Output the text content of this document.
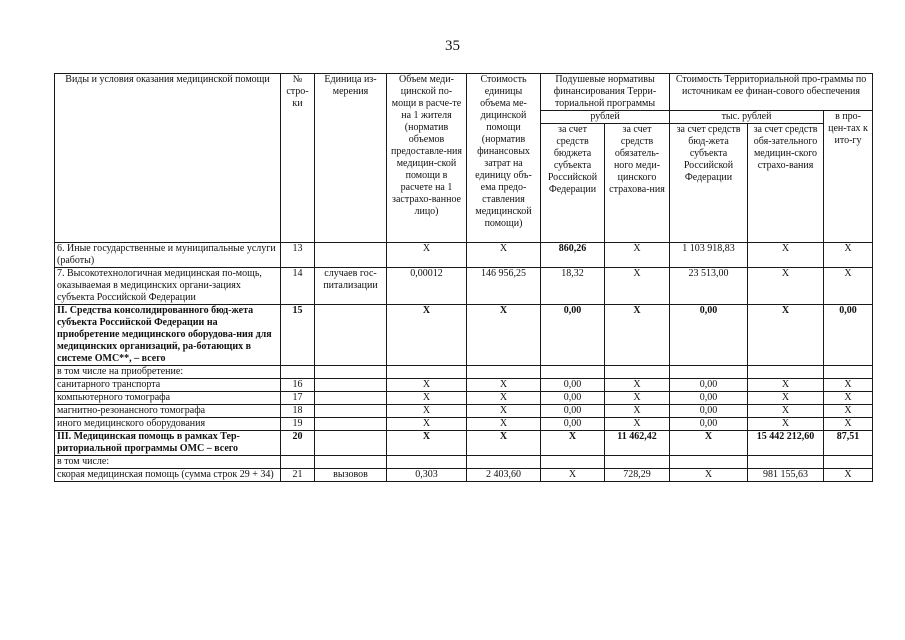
35
Виды и условия оказания медицинской помощи	№ стро-ки	Единица из-мерения	Объем меди-цинской по-мощи в расче-те на 1 жителя (норматив объемов предоставле-ния медицин-ской помощи в расчете на 1 застрахо-ванное лицо)	Стоимость единицы объема ме-дицинской помощи (норматив финансовых затрат на единицу объ-ема предо-ставления медицинской помощи)	Подушевые нормативы финансирования Терри-ториальной программы		Стоимость Территориальной про-граммы по источникам ее финан-сового обеспечения		
					рублей		тыс. рублей		в про-цен-тах к ито-гу
					за счет средств бюджета субъекта Российской Федерации	за счет средств обязатель-ного меди-цинского страхова-ния	за счет средств бюд-жета субъекта Российской Федерации	за счет средств обя-зательного медицин-ского страхо-вания	
6. Иные государственные и муниципальные услуги (работы)	13		X	X	860,26	X	1 103 918,83	X	X
7. Высокотехнологичная медицинская по-мощь, оказываемая в медицинских органи-зациях субъекта Российской Федерации	14	случаев гос-питализации	0,00012	146 956,25	18,32	X	23 513,00	X	X
II. Средства консолидированного бюд-жета субъекта Российской Федерации на приобретение медицинского оборудова-ния для медицинских организаций, ра-ботающих в системе ОМС**, – всего	15		X	X	0,00	X	0,00	X	0,00
в том числе на приобретение:									
санитарного транспорта	16		X	X	0,00	X	0,00	X	X
компьютерного томографа	17		X	X	0,00	X	0,00	X	X
магнитно-резонансного томографа	18		X	X	0,00	X	0,00	X	X
иного медицинского оборудования	19		X	X	0,00	X	0,00	X	X
III. Медицинская помощь в рамках Тер-риториальной программы ОМС – всего	20		X	X	X	11 462,42	X	15 442 212,60	87,51
в том числе:									
скорая медицинская помощь (сумма строк 29 + 34)	21	вызовов	0,303	2 403,60	X	728,29	X	981 155,63	X
